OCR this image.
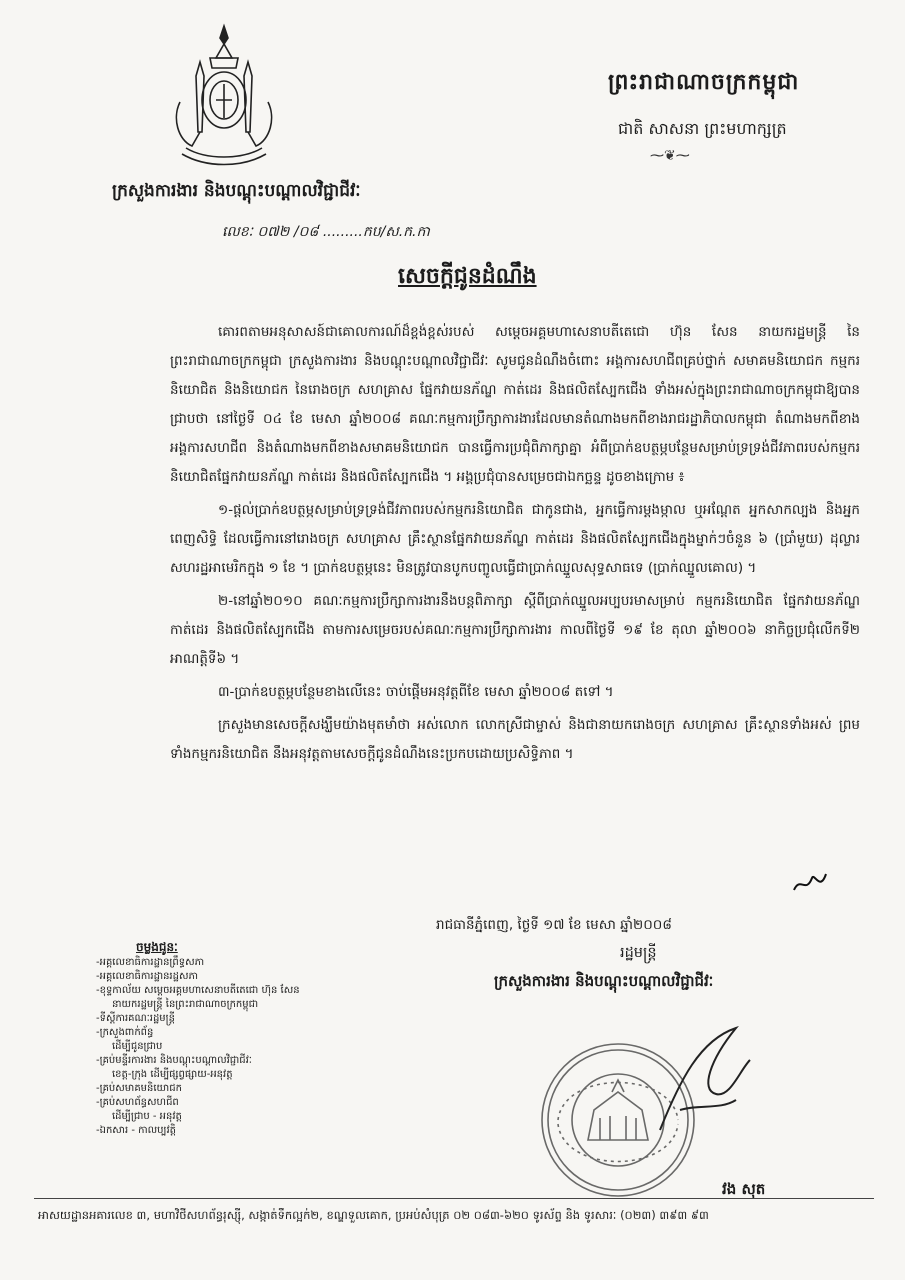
ព្រះរាជាណាចក្រកម្ពុជា
ជាតិ សាសនា ព្រះមហាក្សត្រ
⁓❦⁓
ក្រសួងការងារ និងបណ្តុះបណ្តាលវិជ្ជាជីវៈ
លេខៈ ០៧២ /០៨ .........កប/ស.ក.កា
សេចក្តីជូនដំណឹង

គោរពតាមអនុសាសន៍ជាគោលការណ៍ដ៏ខ្ពង់ខ្ពស់របស់ សម្តេចអគ្គមហាសេនាបតីតេជោ ហ៊ុន សែន នាយករដ្ឋមន្ត្រី នៃព្រះរាជាណាចក្រកម្ពុជា ក្រសួងការងារ និងបណ្តុះបណ្តាលវិជ្ជាជីវៈ សូមជូនដំណឹងចំពោះ អង្គការសហជីពគ្រប់ថ្នាក់ សមាគមនិយោជក កម្មករនិយោជិត និងនិយោជក នៃរោងចក្រ សហគ្រាស ផ្នែកវាយនភ័ណ្ឌ កាត់ដេរ និងផលិតស្បែកជើង ទាំងអស់ក្នុងព្រះរាជាណាចក្រកម្ពុជាឱ្យបានជ្រាបថា នៅថ្ងៃទី ០៤ ខែ មេសា ឆ្នាំ២០០៨ គណៈកម្មការប្រឹក្សាការងារដែលមានតំណាងមកពីខាងរាជរដ្ឋាភិបាលកម្ពុជា តំណាងមកពីខាងអង្គការសហជីព និងតំណាងមកពីខាងសមាគមនិយោជក បានធ្វើការប្រជុំពិភាក្សាគ្នា អំពីប្រាក់ឧបត្ថម្ភបន្ថែមសម្រាប់ទ្រទ្រង់ជីវភាពរបស់កម្មករនិយោជិតផ្នែកវាយនភ័ណ្ឌ កាត់ដេរ និងផលិតស្បែកជើង ។ អង្គប្រជុំបានសម្រេចជាឯកច្ឆន្ទ ដូចខាងក្រោម ៖

១-ផ្តល់ប្រាក់ឧបត្ថម្ភសម្រាប់ទ្រទ្រង់ជីវភាពរបស់កម្មករនិយោជិត ជាកូនជាង, អ្នកធ្វើការម្តងម្កាល ឬអណ្តែត អ្នកសាកល្បង និងអ្នកពេញសិទ្ធិ ដែលធ្វើការនៅរោងចក្រ សហគ្រាស គ្រឹះស្ថានផ្នែកវាយនភ័ណ្ឌ កាត់ដេរ និងផលិតស្បែកជើងក្នុងម្នាក់ៗចំនួន ៦ (ប្រាំមួយ) ដុល្លារសហរដ្ឋអាមេរិកក្នុង ១ ខែ ។ ប្រាក់ឧបត្ថម្ភនេះ មិនត្រូវបានបូកបញ្ចូលធ្វើជាប្រាក់ឈ្នួលសុទ្ធសាធទេ (ប្រាក់ឈ្នួលគោល) ។

២-នៅឆ្នាំ២០១០ គណៈកម្មការប្រឹក្សាការងារនឹងបន្តពិភាក្សា ស្តីពីប្រាក់ឈ្នួលអប្បបរមាសម្រាប់ កម្មករនិយោជិត ផ្នែកវាយនភ័ណ្ឌ កាត់ដេរ និងផលិតស្បែកជើង តាមការសម្រេចរបស់គណៈកម្មការប្រឹក្សាការងារ កាលពីថ្ងៃទី ១៩ ខែ តុលា ឆ្នាំ២០០៦ នាកិច្ចប្រជុំលើកទី២ អាណត្តិទី៦ ។

៣-ប្រាក់ឧបត្ថម្ភបន្ថែមខាងលើនេះ ចាប់ផ្តើមអនុវត្តពីខែ មេសា ឆ្នាំ២០០៨ តទៅ ។

ក្រសួងមានសេចក្តីសង្ឃឹមយ៉ាងមុតមាំថា អស់លោក លោកស្រីជាម្ចាស់ និងជានាយករោងចក្រ សហគ្រាស គ្រឹះស្ថានទាំងអស់ ព្រមទាំងកម្មករនិយោជិត នឹងអនុវត្តតាមសេចក្តីជូនដំណឹងនេះប្រកបដោយប្រសិទ្ធិភាព ។

រាជធានីភ្នំពេញ, ថ្ងៃទី ១៧ ខែ មេសា ឆ្នាំ២០០៨
រដ្ឋមន្ត្រី
ក្រសួងការងារ និងបណ្តុះបណ្តាលវិជ្ជាជីវៈ
ចម្លងជូនៈ
-អគ្គលេខាធិការដ្ឋានព្រឹទ្ធសភា
-អគ្គលេខាធិការដ្ឋានរដ្ឋសភា
-ខុទ្ទកាល័យ សម្តេចអគ្គមហាសេនាបតីតេជោ ហ៊ុន សែន
នាយករដ្ឋមន្ត្រី នៃព្រះរាជាណាចក្រកម្ពុជា
-ទីស្តីការគណៈរដ្ឋមន្ត្រី
-ក្រសួងពាក់ព័ន្ធ
ដើម្បីជូនជ្រាប
-គ្រប់មន្ទីរការងារ និងបណ្តុះបណ្តាលវិជ្ជាជីវៈ
ខេត្ត-ក្រុង ដើម្បីផ្សព្វផ្សាយ-អនុវត្ត
-គ្រប់សមាគមនិយោជក
-គ្រប់សហព័ន្ធសហជីព
ដើម្បីជ្រាប - អនុវត្ត
-ឯកសារ - កាលប្បវត្តិ
វង សុត
អាសយដ្ឋានអគារលេខ ៣, មហាវិថីសហព័ន្ធរុស្ស៊ី, សង្កាត់ទឹកល្អក់២, ខណ្ឌទួលគោក, ប្រអប់សំបុត្រ ០២ ០៨៣-៦២០ ទូរស័ព្ទ និង ទូរសារៈ (០២៣) ៣៩៣ ៩៣
